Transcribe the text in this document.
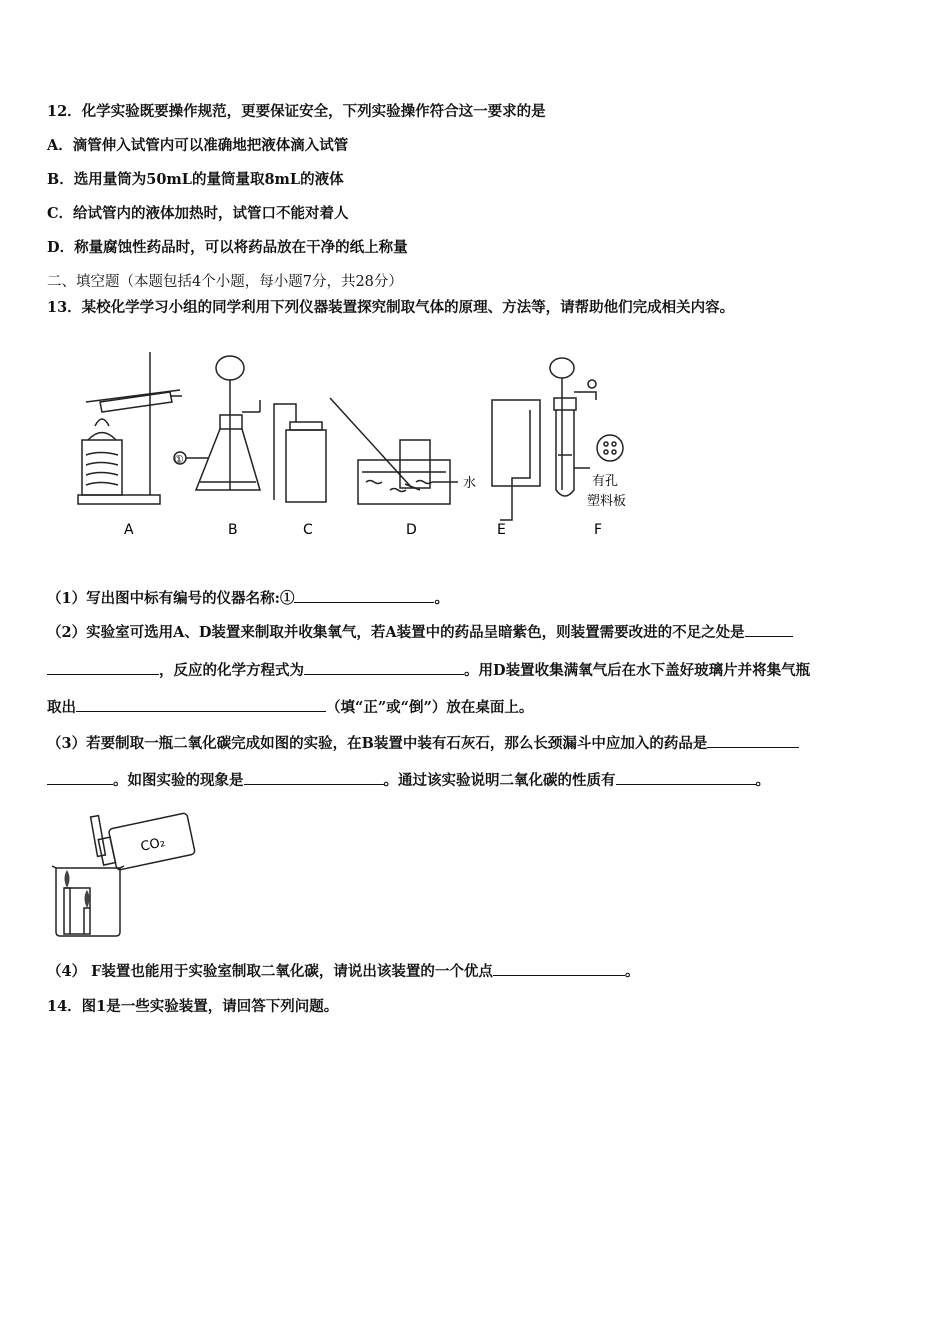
12．化学实验既要操作规范，更要保证安全，下列实验操作符合这一要求的是
A．滴管伸入试管内可以准确地把液体滴入试管
B．选用量筒为50mL的量筒量取8mL的液体
C．给试管内的液体加热时，试管口不能对着人
D．称量腐蚀性药品时，可以将药品放在干净的纸上称量
二、填空题（本题包括4个小题，每小题7分，共28分）
13．某校化学学习小组的同学利用下列仪器装置探究制取气体的原理、方法等，请帮助他们完成相关内容。
①
水	有孔
塑料板
A	B	C	D	E	F
（1）写出图中标有编号的仪器名称:①	。
（2）实验室可选用A、D装置来制取并收集氧气，若A装置中的药品呈暗紫色，则装置需要改进的不足之处是
，反应的化学方程式为	。用D装置收集满氧气后在水下盖好玻璃片并将集气瓶
取出	（填“正”或“倒”）放在桌面上。
（3）若要制取一瓶二氧化碳完成如图的实验，在B装置中装有石灰石，那么长颈漏斗中应加入的药品是
。如图实验的现象是	。通过该实验说明二氧化碳的性质有	。
CO₂
（4） F装置也能用于实验室制取二氧化碳，请说出该装置的一个优点	。
14．图1是一些实验装置，请回答下列问题。
